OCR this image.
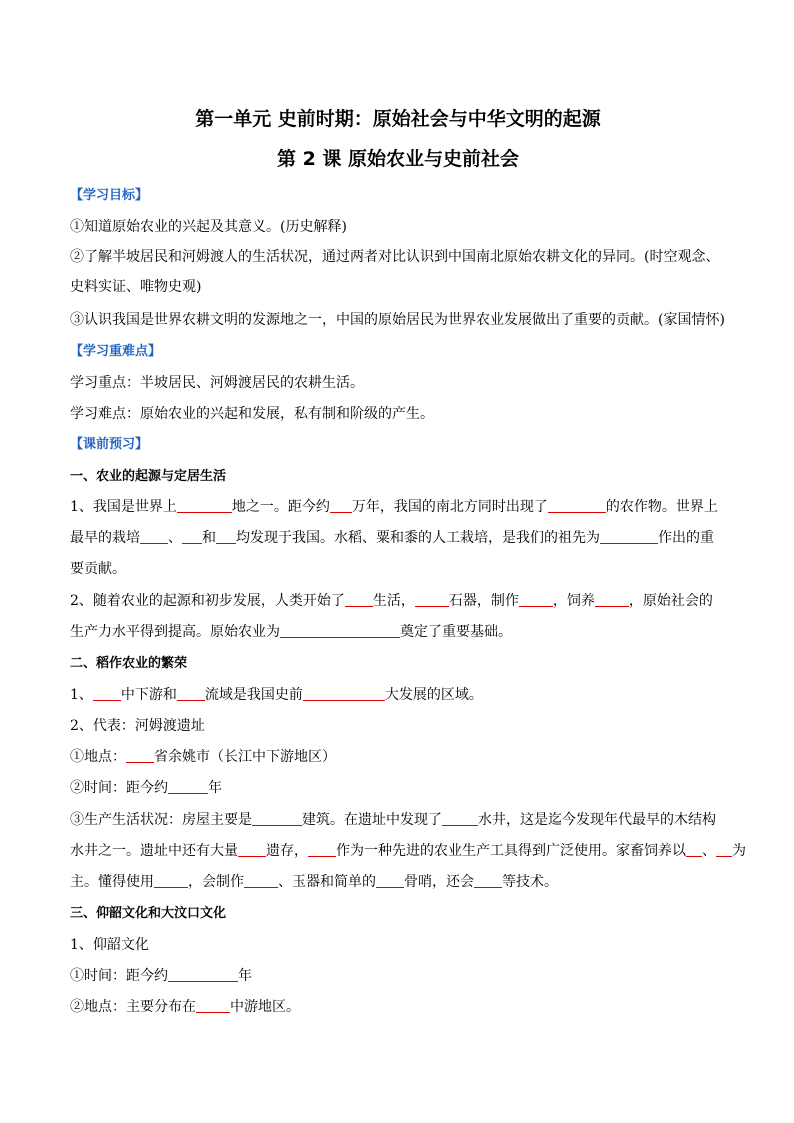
第一单元 史前时期：原始社会与中华文明的起源
第 2 课 原始农业与史前社会
【学习目标】
①知道原始农业的兴起及其意义。(历史解释)
②了解半坡居民和河姆渡人的生活状况，通过两者对比认识到中国南北原始农耕文化的异同。(时空观念、
史料实证、唯物史观)
③认识我国是世界农耕文明的发源地之一，中国的原始居民为世界农业发展做出了重要的贡献。(家国情怀)
【学习重难点】
学习重点：半坡居民、河姆渡居民的农耕生活。
学习难点：原始农业的兴起和发展，私有制和阶级的产生。
【课前预习】
一、农业的起源与定居生活
1、我国是世界上	地之一。距今约 万年，我国的南北方同时出现了	的农作物。世界上
最早的栽培 、 和 均发现于我国。水稻、粟和黍的人工栽培，是我们的祖先为	作出的重
要贡献。
2、随着农业的起源和初步发展，人类开始了 生活， 石器，制作 ，饲养 ，原始社会的
生产力水平得到提高。原始农业为	奠定了重要基础。
二、稻作农业的繁荣
1、 中下游和 流域是我国史前	大发展的区域。
2、代表：河姆渡遗址
①地点： 省余姚市（长江中下游地区）
②时间：距今约	年
③生产生活状况：房屋主要是	建筑。在遗址中发现了	水井，这是迄今发现年代最早的木结构
水井之一。遗址中还有大量 遗存， 作为一种先进的农业生产工具得到广泛使用。家畜饲养以 、 为
主。懂得使用 ，会制作 、玉器和简单的 骨哨，还会 等技术。
三、仰韶文化和大汶口文化
1、仰韶文化
①时间：距今约	年
②地点：主要分布在 中游地区。
